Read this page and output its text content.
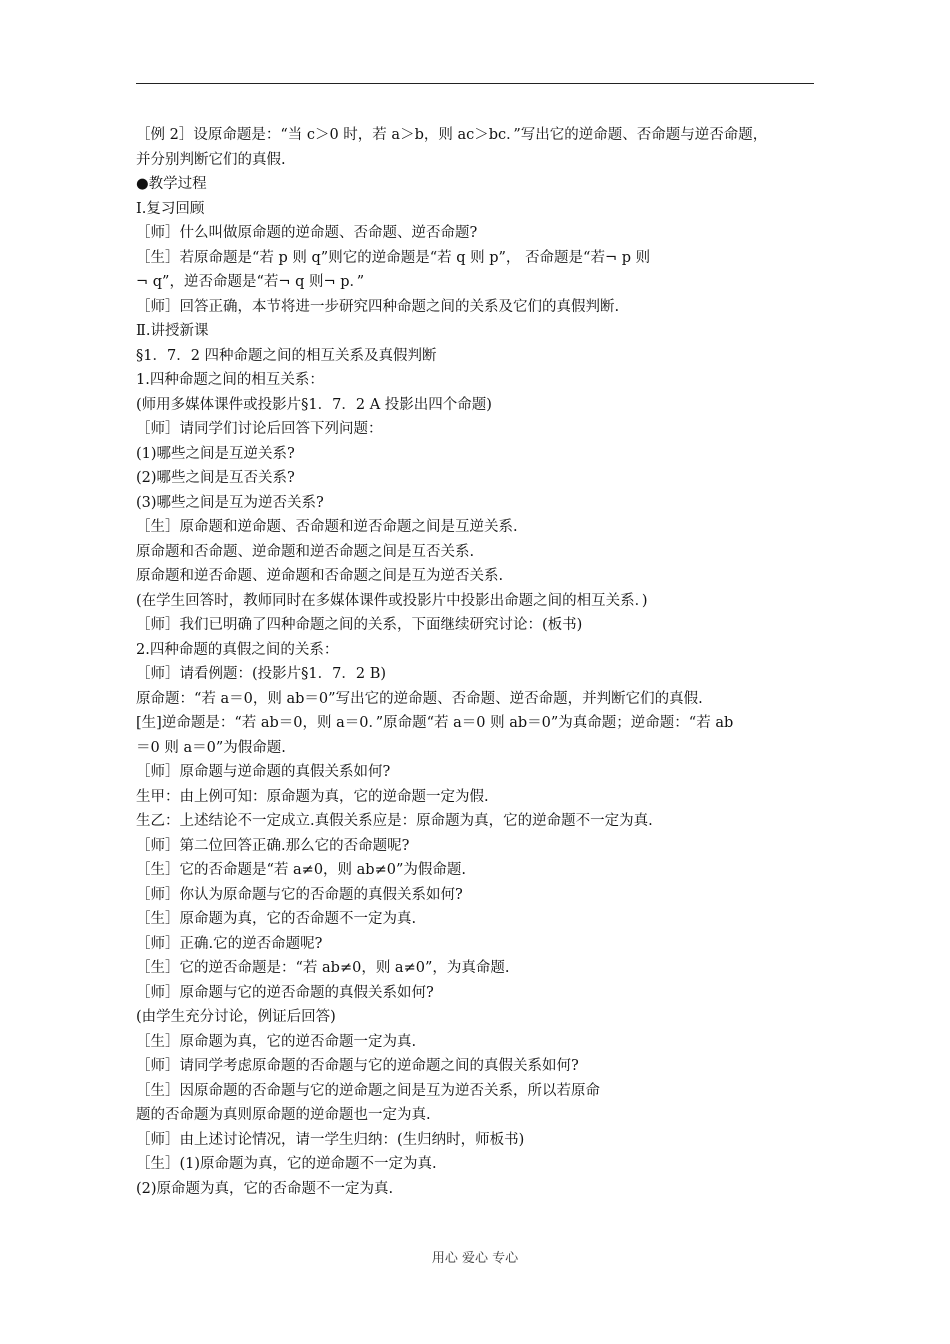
［例 2］设原命题是：“当 c＞0 时，若 a＞b，则 ac＞bc．”写出它的逆命题、否命题与逆否命题，
并分别判断它们的真假.
●教学过程
Ⅰ.复习回顾
［师］什么叫做原命题的逆命题、否命题、逆否命题?
［生］若原命题是“若 p 则 q”则它的逆命题是“若 q 则 p”， 否命题是“若¬ p 则
¬ q”，逆否命题是“若¬ q 则¬ p．”
［师］回答正确，本节将进一步研究四种命题之间的关系及它们的真假判断.
Ⅱ.讲授新课
§1．7．2 四种命题之间的相互关系及真假判断
1.四种命题之间的相互关系：
(师用多媒体课件或投影片§1．7．2 A 投影出四个命题)
［师］请同学们讨论后回答下列问题：
(1)哪些之间是互逆关系?
(2)哪些之间是互否关系?
(3)哪些之间是互为逆否关系?
［生］原命题和逆命题、否命题和逆否命题之间是互逆关系.
原命题和否命题、逆命题和逆否命题之间是互否关系.
原命题和逆否命题、逆命题和否命题之间是互为逆否关系.
(在学生回答时，教师同时在多媒体课件或投影片中投影出命题之间的相互关系．)
［师］我们已明确了四种命题之间的关系，下面继续研究讨论：(板书)
2.四种命题的真假之间的关系：
［师］请看例题：(投影片§1．7．2 B)
原命题：“若 a＝0，则 ab＝0”写出它的逆命题、否命题、逆否命题，并判断它们的真假.
[生]逆命题是：“若 ab＝0，则 a＝0．”原命题“若 a＝0 则 ab＝0”为真命题；逆命题：“若 ab
＝0 则 a＝0”为假命题.
［师］原命题与逆命题的真假关系如何?
生甲：由上例可知：原命题为真，它的逆命题一定为假.
生乙：上述结论不一定成立.真假关系应是：原命题为真，它的逆命题不一定为真.
［师］第二位回答正确.那么它的否命题呢?
［生］它的否命题是“若 a≠0，则 ab≠0”为假命题.
［师］你认为原命题与它的否命题的真假关系如何?
［生］原命题为真，它的否命题不一定为真.
［师］正确.它的逆否命题呢?
［生］它的逆否命题是：“若 ab≠0，则 a≠0”，为真命题.
［师］原命题与它的逆否命题的真假关系如何?
(由学生充分讨论，例证后回答)
［生］原命题为真，它的逆否命题一定为真.
［师］请同学考虑原命题的否命题与它的逆命题之间的真假关系如何?
［生］因原命题的否命题与它的逆命题之间是互为逆否关系，所以若原命
题的否命题为真则原命题的逆命题也一定为真.
［师］由上述讨论情况，请一学生归纳：(生归纳时，师板书)
［生］(1)原命题为真，它的逆命题不一定为真.
(2)原命题为真，它的否命题不一定为真.
用心 爱心 专心
